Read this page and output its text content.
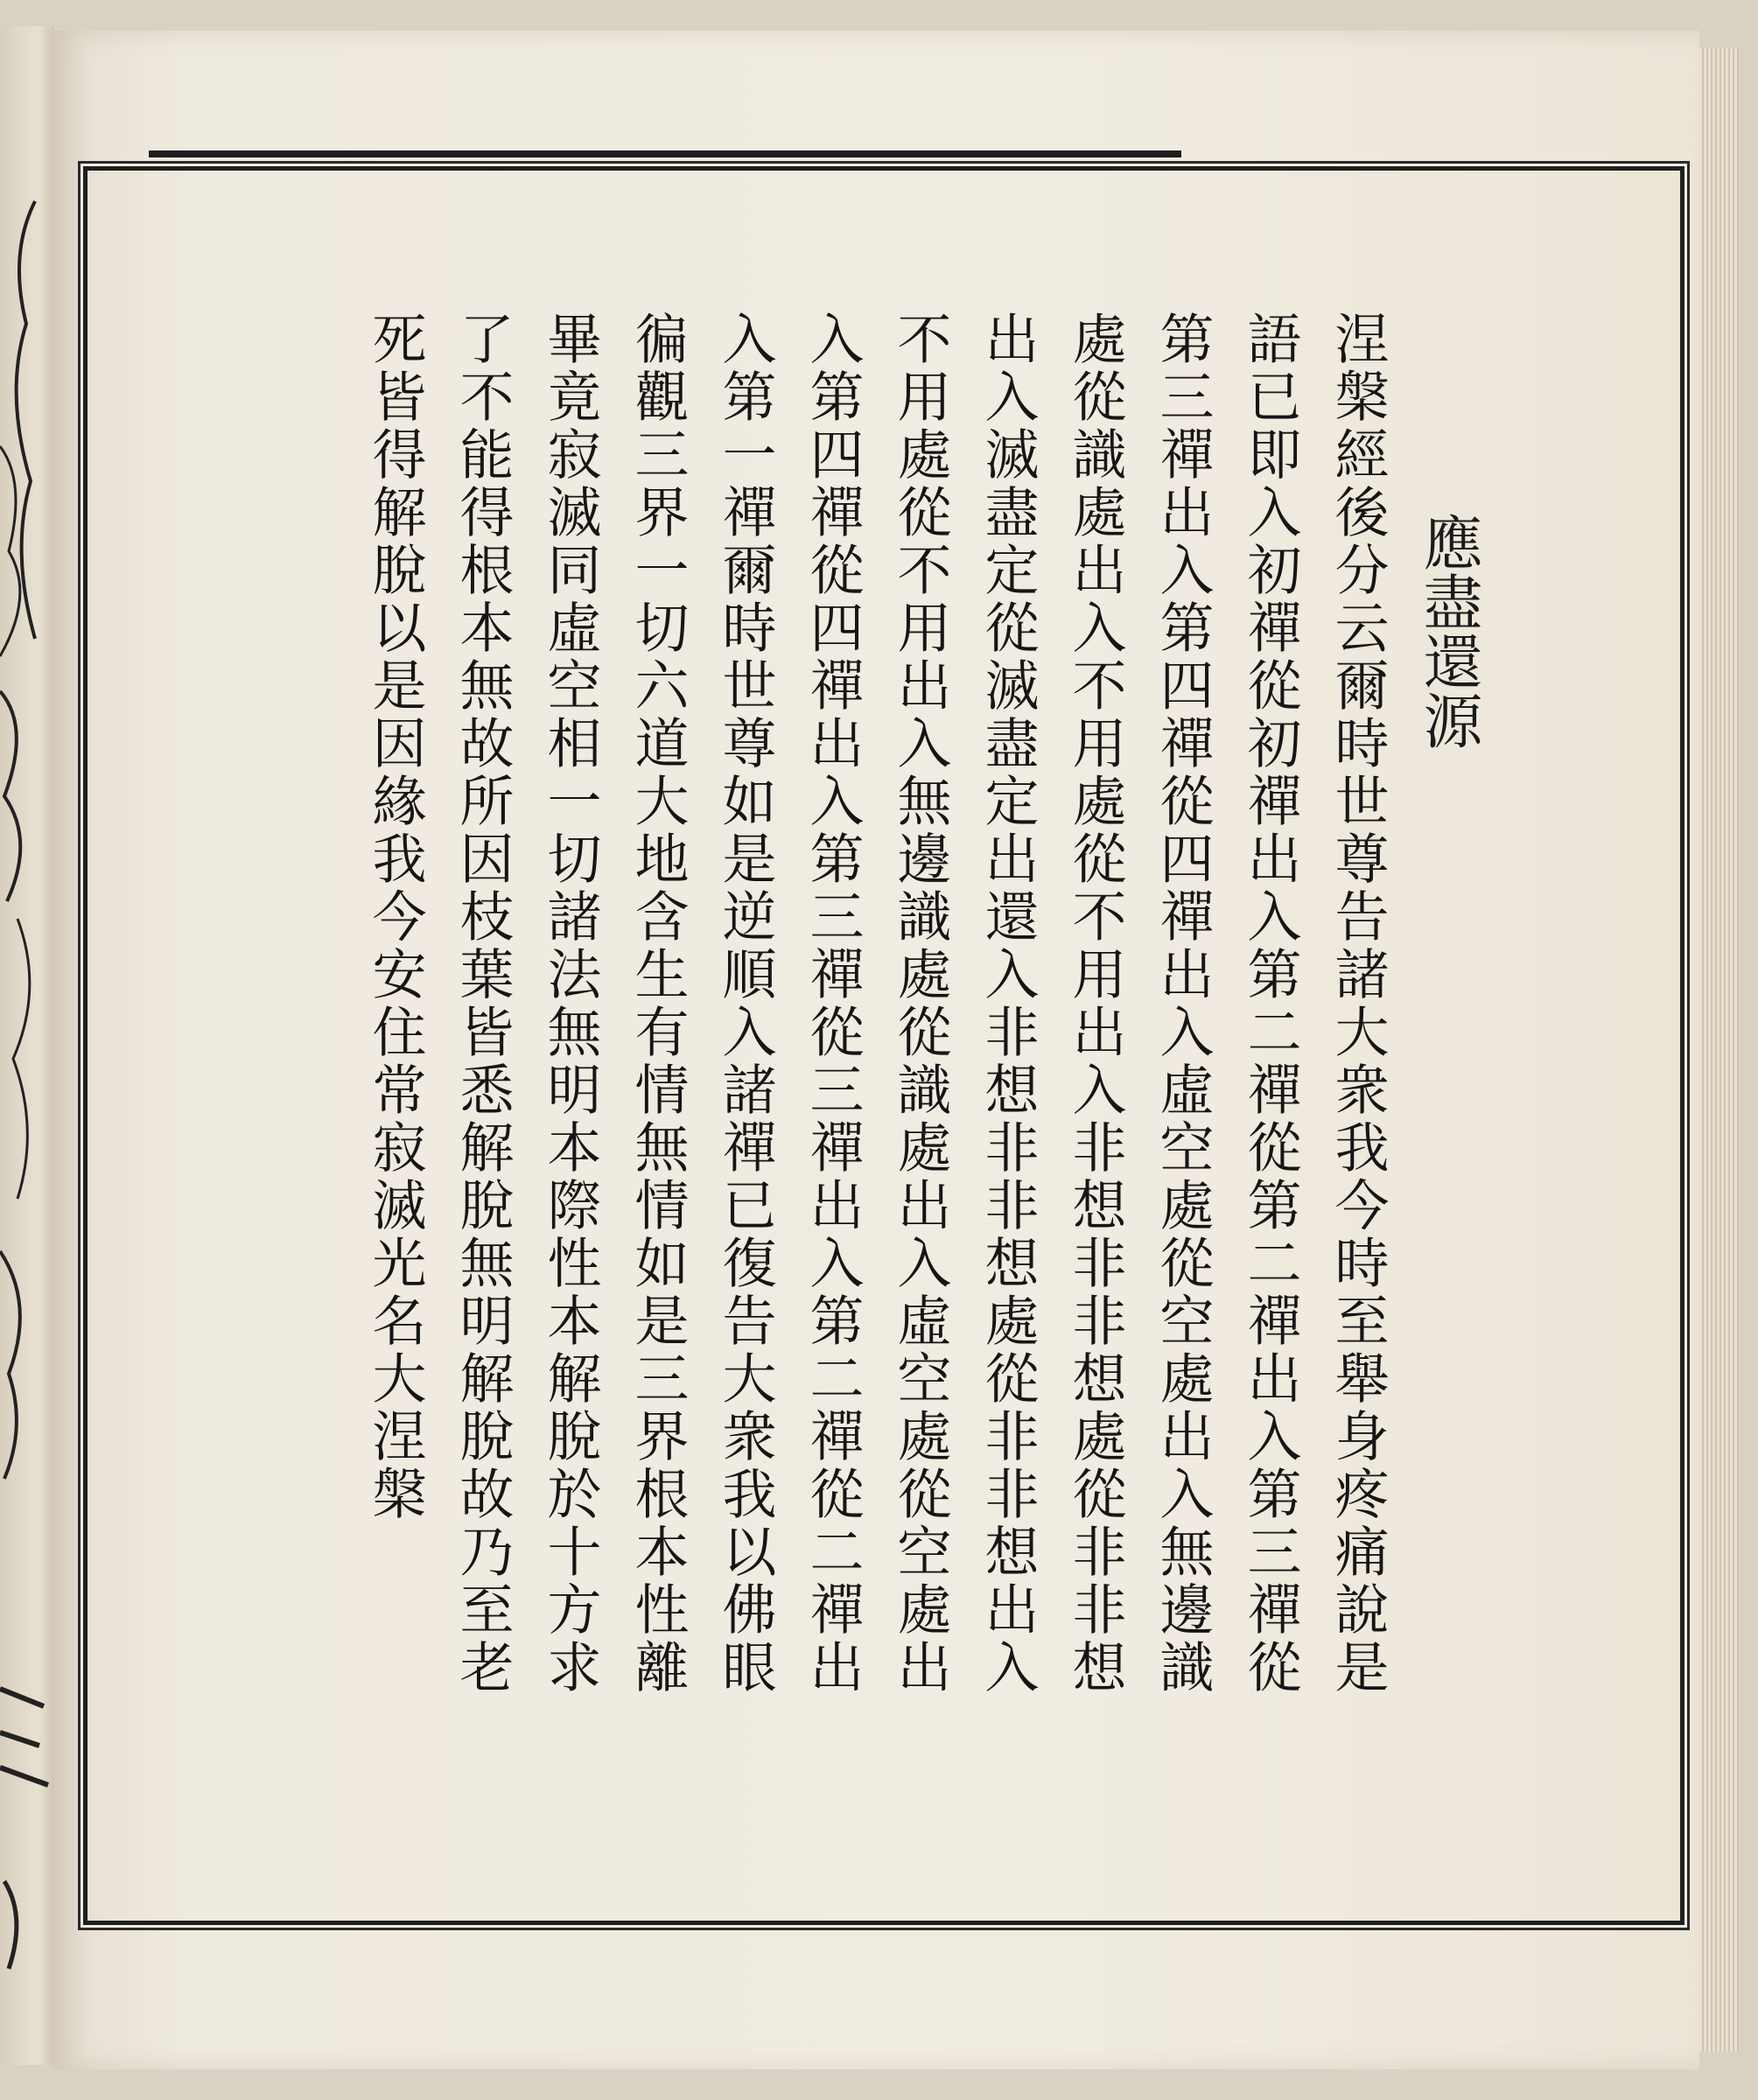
應盡還源
涅槃經後分云爾時世尊告諸大衆我今時至舉身疼痛說是
語已即入初禪從初禪出入第二禪從第二禪出入第三禪從
第三禪出入第四禪從四禪出入虛空處從空處出入無邊識
處從識處出入不用處從不用出入非想非非想處從非非想
出入滅盡定從滅盡定出還入非想非非想處從非非想出入
不用處從不用出入無邊識處從識處出入虛空處從空處出
入第四禪從四禪出入第三禪從三禪出入第二禪從二禪出
入第一禪爾時世尊如是逆順入諸禪已復告大衆我以佛眼
徧觀三界一切六道大地含生有情無情如是三界根本性離
畢竟寂滅同虛空相一切諸法無明本際性本解脫於十方求
了不能得根本無故所因枝葉皆悉解脫無明解脫故乃至老
死皆得解脫以是因緣我今安住常寂滅光名大涅槃
